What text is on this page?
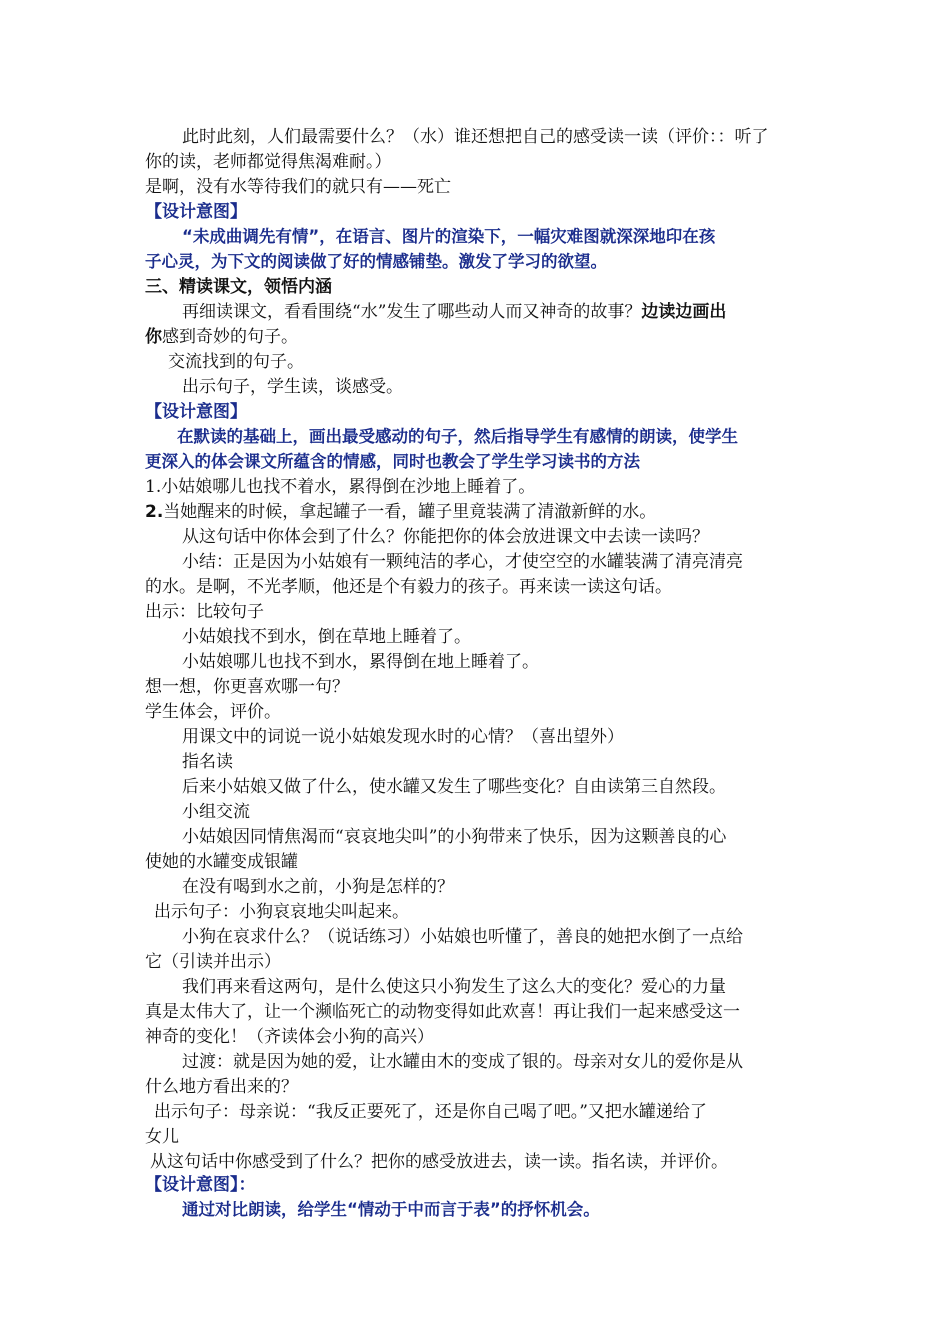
此时此刻，人们最需要什么？（水）谁还想把自己的感受读一读（评价：：听了
你的读，老师都觉得焦渴难耐。）
是啊，没有水等待我们的就只有——死亡
【设计意图】
“未成曲调先有情”，在语言、图片的渲染下，一幅灾难图就深深地印在孩
子心灵，为下文的阅读做了好的情感铺垫。激发了学习的欲望。
三、精读课文，领悟内涵
再细读课文，看看围绕“水”发生了哪些动人而又神奇的故事？边读边画出
你感到奇妙的句子。
交流找到的句子。
出示句子，学生读，谈感受。
【设计意图】
在默读的基础上，画出最受感动的句子，然后指导学生有感情的朗读，使学生
更深入的体会课文所蕴含的情感，同时也教会了学生学习读书的方法
1.小姑娘哪儿也找不着水，累得倒在沙地上睡着了。
2.当她醒来的时候，拿起罐子一看，罐子里竟装满了清澈新鲜的水。
从这句话中你体会到了什么？你能把你的体会放进课文中去读一读吗？
小结：正是因为小姑娘有一颗纯洁的孝心，才使空空的水罐装满了清亮清亮
的水。是啊，不光孝顺，他还是个有毅力的孩子。再来读一读这句话。
出示：比较句子
小姑娘找不到水，倒在草地上睡着了。
小姑娘哪儿也找不到水，累得倒在地上睡着了。
想一想，你更喜欢哪一句？
学生体会，评价。
用课文中的词说一说小姑娘发现水时的心情？（喜出望外）
指名读
后来小姑娘又做了什么，使水罐又发生了哪些变化？自由读第三自然段。
小组交流
小姑娘因同情焦渴而“哀哀地尖叫”的小狗带来了快乐，因为这颗善良的心
使她的水罐变成银罐
在没有喝到水之前，小狗是怎样的？
出示句子：小狗哀哀地尖叫起来。
小狗在哀求什么？（说话练习）小姑娘也听懂了，善良的她把水倒了一点给
它（引读并出示）
我们再来看这两句，是什么使这只小狗发生了这么大的变化？爱心的力量
真是太伟大了，让一个濒临死亡的动物变得如此欢喜！再让我们一起来感受这一
神奇的变化！（齐读体会小狗的高兴）
过渡：就是因为她的爱，让水罐由木的变成了银的。母亲对女儿的爱你是从
什么地方看出来的？
出示句子：母亲说：“我反正要死了，还是你自己喝了吧。”又把水罐递给了
女儿
从这句话中你感受到了什么？把你的感受放进去，读一读。指名读，并评价。
【设计意图】：
通过对比朗读，给学生“情动于中而言于表”的抒怀机会。
